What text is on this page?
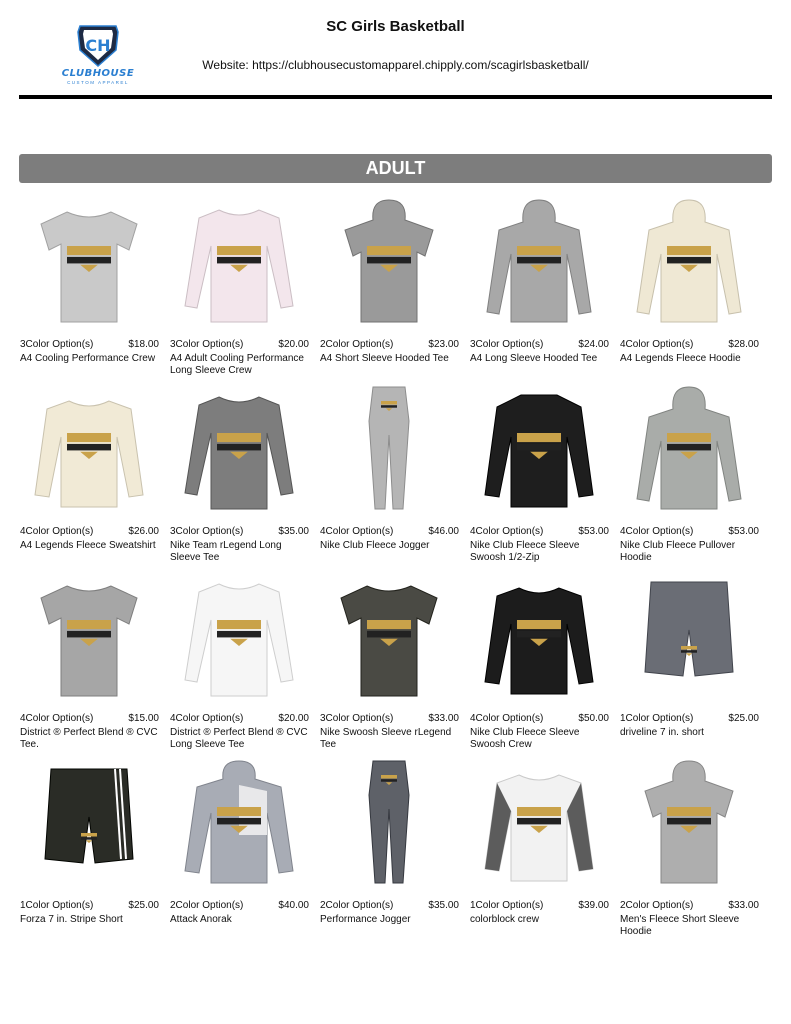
CH
CLUBHOUSE
CUSTOM APPAREL
SC Girls Basketball
Website: https://clubhousecustomapparel.chipply.com/scagirlsbasketball/
ADULT
3Color Option(s)	$18.00
A4 Cooling Performance Crew
3Color Option(s)	$20.00
A4 Adult Cooling Performance Long Sleeve Crew
2Color Option(s)	$23.00
A4 Short Sleeve Hooded Tee
3Color Option(s)	$24.00
A4 Long Sleeve Hooded Tee
4Color Option(s)	$28.00
A4 Legends Fleece Hoodie
4Color Option(s)	$26.00
A4 Legends Fleece Sweatshirt
3Color Option(s)	$35.00
Nike Team rLegend Long Sleeve Tee
4Color Option(s)	$46.00
Nike Club Fleece Jogger
4Color Option(s)	$53.00
Nike Club Fleece Sleeve Swoosh 1/2-Zip
4Color Option(s)	$53.00
Nike Club Fleece Pullover Hoodie
4Color Option(s)	$15.00
District ® Perfect Blend ® CVC Tee.
4Color Option(s)	$20.00
District ® Perfect Blend ® CVC Long Sleeve Tee
3Color Option(s)	$33.00
Nike Swoosh Sleeve rLegend Tee
4Color Option(s)	$50.00
Nike Club Fleece Sleeve Swoosh Crew
1Color Option(s)	$25.00
driveline 7 in. short
1Color Option(s)	$25.00
Forza 7 in. Stripe Short
2Color Option(s)	$40.00
Attack Anorak
2Color Option(s)	$35.00
Performance Jogger
1Color Option(s)	$39.00
colorblock crew
2Color Option(s)	$33.00
Men's Fleece Short Sleeve Hoodie
